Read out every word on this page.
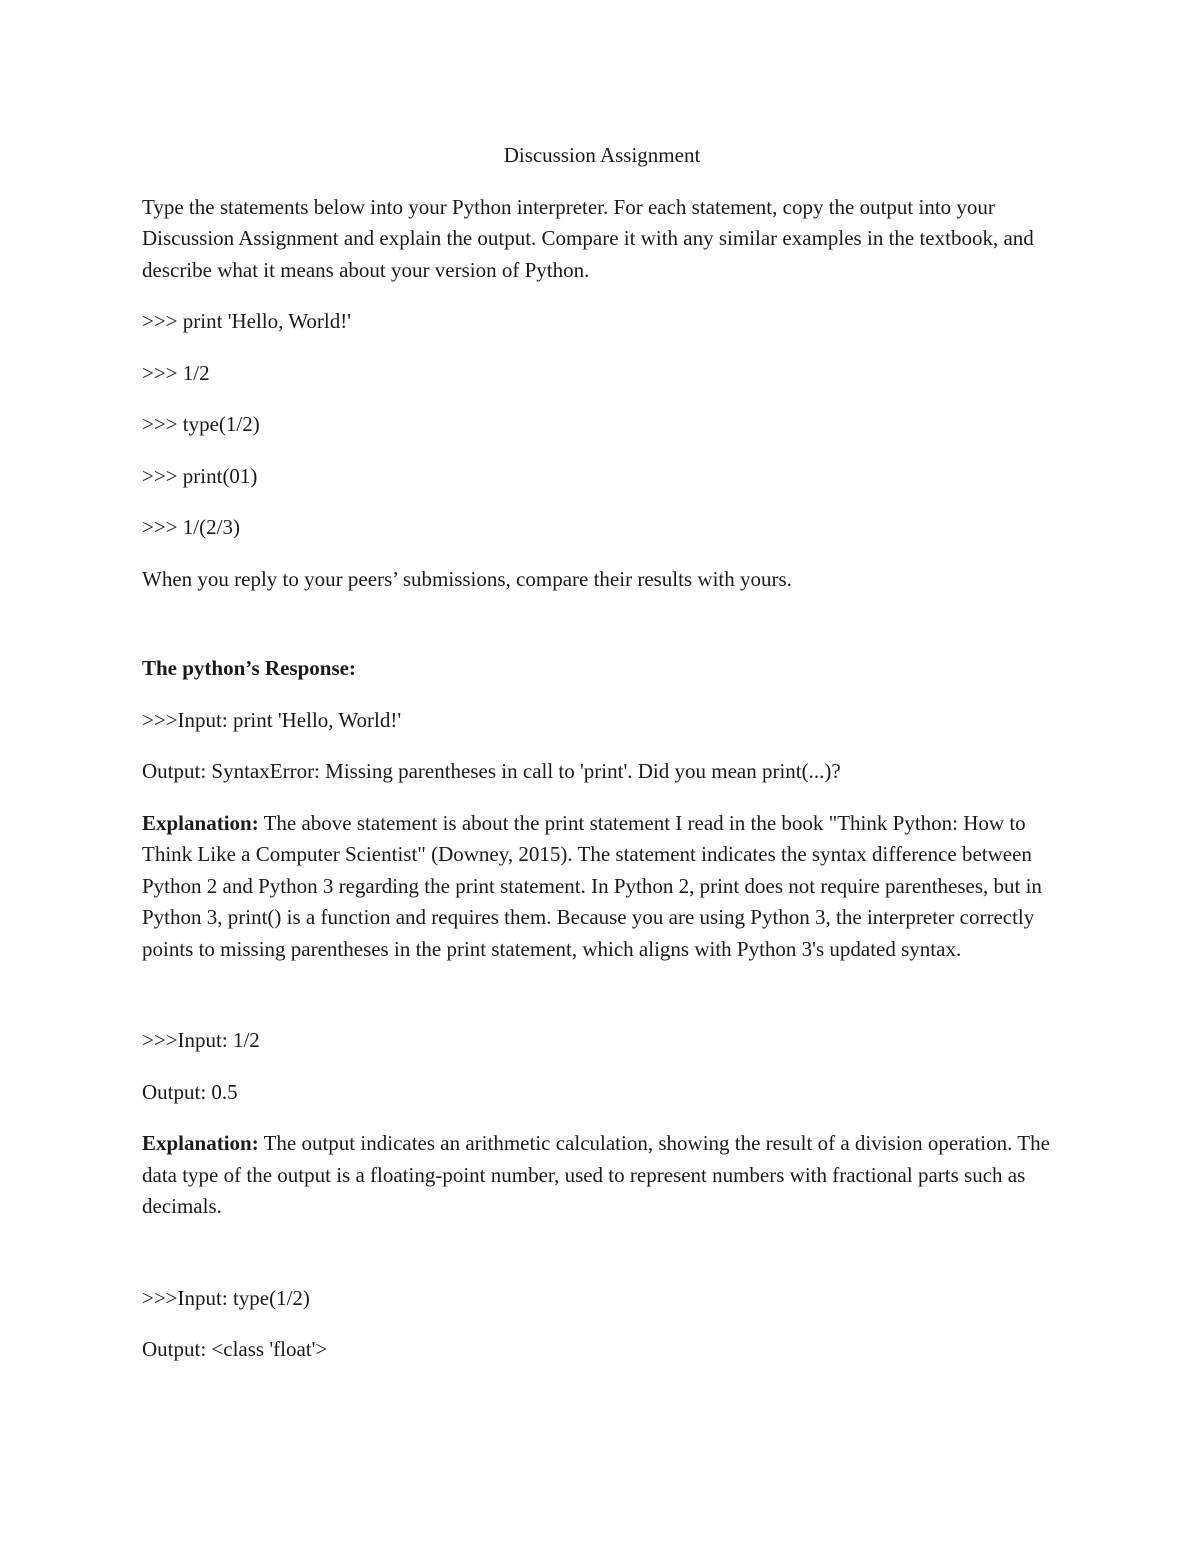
Discussion Assignment

Type the statements below into your Python interpreter. For each statement, copy the output into your Discussion Assignment and explain the output. Compare it with any similar examples in the textbook, and describe what it means about your version of Python.

>>> print 'Hello, World!'

>>> 1/2

>>> type(1/2)

>>> print(01)

>>> 1/(2/3)

When you reply to your peers’ submissions, compare their results with yours.

The python’s Response:

>>>Input: print 'Hello, World!'

Output: SyntaxError: Missing parentheses in call to 'print'. Did you mean print(...)?

Explanation: The above statement is about the print statement I read in the book "Think Python: How to Think Like a Computer Scientist" (Downey, 2015). The statement indicates the syntax difference between Python 2 and Python 3 regarding the print statement. In Python 2, print does not require parentheses, but in Python 3, print() is a function and requires them. Because you are using Python 3, the interpreter correctly points to missing parentheses in the print statement, which aligns with Python 3's updated syntax.

>>>Input: 1/2

Output: 0.5

Explanation: The output indicates an arithmetic calculation, showing the result of a division operation. The data type of the output is a floating-point number, used to represent numbers with fractional parts such as decimals.

>>>Input: type(1/2)

Output: <class 'float'>
